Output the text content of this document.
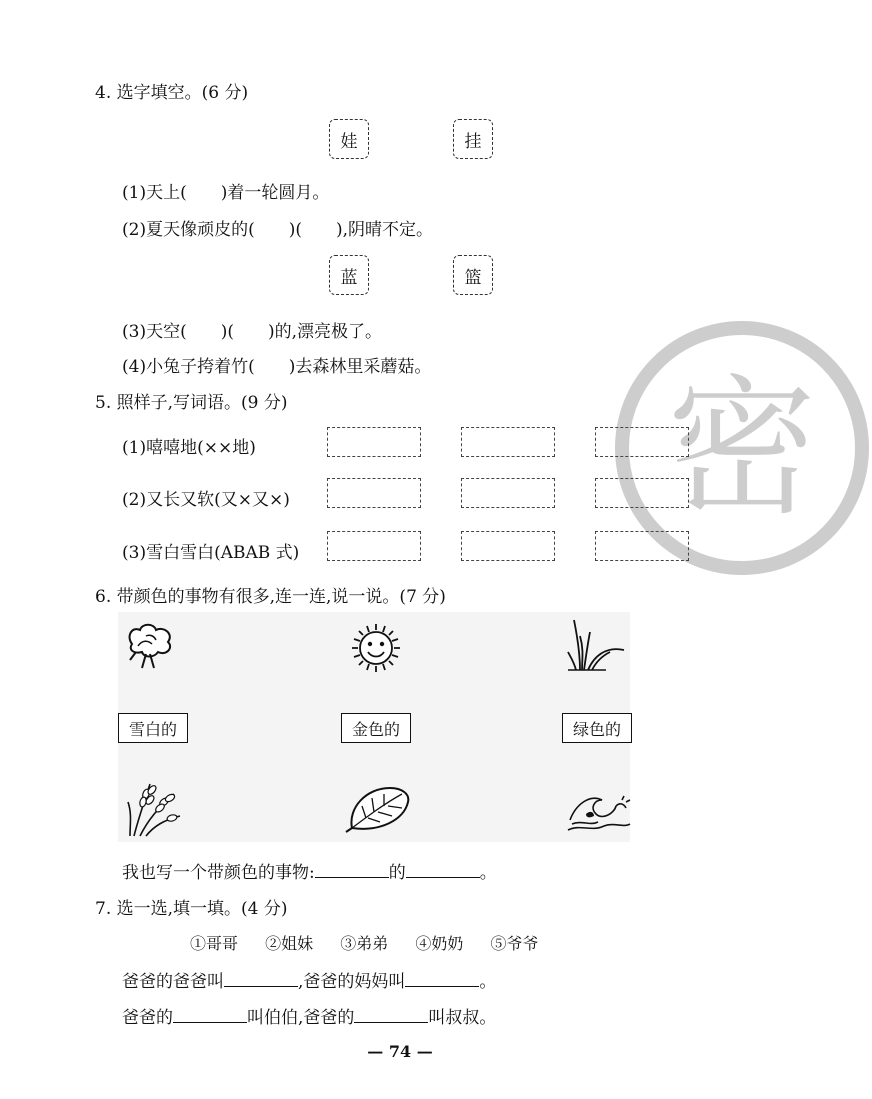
密
4. 选字填空。(6 分)
娃	挂
(1)天上(　　)着一轮圆月。
(2)夏天像顽皮的(　　)(　　),阴晴不定。
蓝	篮
(3)天空(　　)(　　)的,漂亮极了。
(4)小兔子挎着竹(　　)去森林里采蘑菇。
5. 照样子,写词语。(9 分)
(1)嘻嘻地(××地)
(2)又长又软(又×又×)
(3)雪白雪白(ABAB 式)
6. 带颜色的事物有很多,连一连,说一说。(7 分)
雪白的	金色的	绿色的
我也写一个带颜色的事物:	的	。
7. 选一选,填一填。(4 分)
①哥哥 ②姐妹 ③弟弟 ④奶奶 ⑤爷爷
爸爸的爸爸叫	,爸爸的妈妈叫	。
爸爸的	叫伯伯,爸爸的	叫叔叔。
— 74 —
